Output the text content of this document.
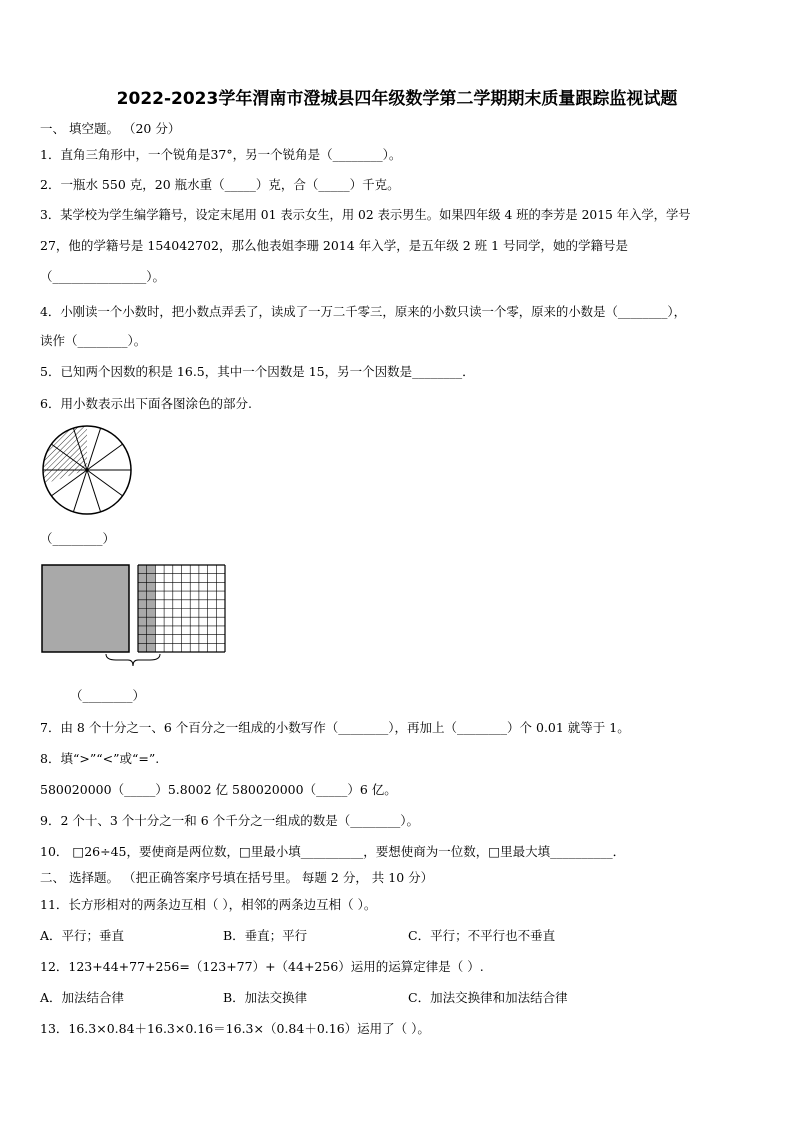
2022-2023学年渭南市澄城县四年级数学第二学期期末质量跟踪监视试题
一、 填空题。 （20 分）
1．直角三角形中，一个锐角是37°，另一个锐角是（________）。
2．一瓶水 550 克，20 瓶水重（_____）克，合（_____）千克。
3．某学校为学生编学籍号，设定末尾用 01 表示女生，用 02 表示男生。如果四年级 4 班的李芳是 2015 年入学，学号
27，他的学籍号是 154042702，那么他表姐李珊 2014 年入学，是五年级 2 班 1 号同学，她的学籍号是
（_______________）。
4．小刚读一个小数时，把小数点弄丢了，读成了一万二千零三，原来的小数只读一个零，原来的小数是（________），
读作（________）。
5．已知两个因数的积是 16.5，其中一个因数是 15，另一个因数是________．
6．用小数表示出下面各图涂色的部分.
（________）
（________）
7．由 8 个十分之一、6 个百分之一组成的小数写作（________），再加上（________）个 0.01 就等于 1。
8．填“>”“<”或“=”.
580020000（_____）5.8002 亿 580020000（_____）6 亿。
9．2 个十、3 个十分之一和 6 个千分之一组成的数是（________）。
10． □26÷45，要使商是两位数，□里最小填__________，要想使商为一位数，□里最大填__________．
二、 选择题。 （把正确答案序号填在括号里。 每题 2 分， 共 10 分）
11．长方形相对的两条边互相（ ），相邻的两条边互相（ ）。
A．平行；垂直	B．垂直；平行	C．平行；不平行也不垂直
12．123+44+77+256=（123+77）+（44+256）运用的运算定律是（ ）.
A．加法结合律	B．加法交换律	C．加法交换律和加法结合律
13．16.3×0.84＋16.3×0.16＝16.3×（0.84＋0.16）运用了（ ）。
